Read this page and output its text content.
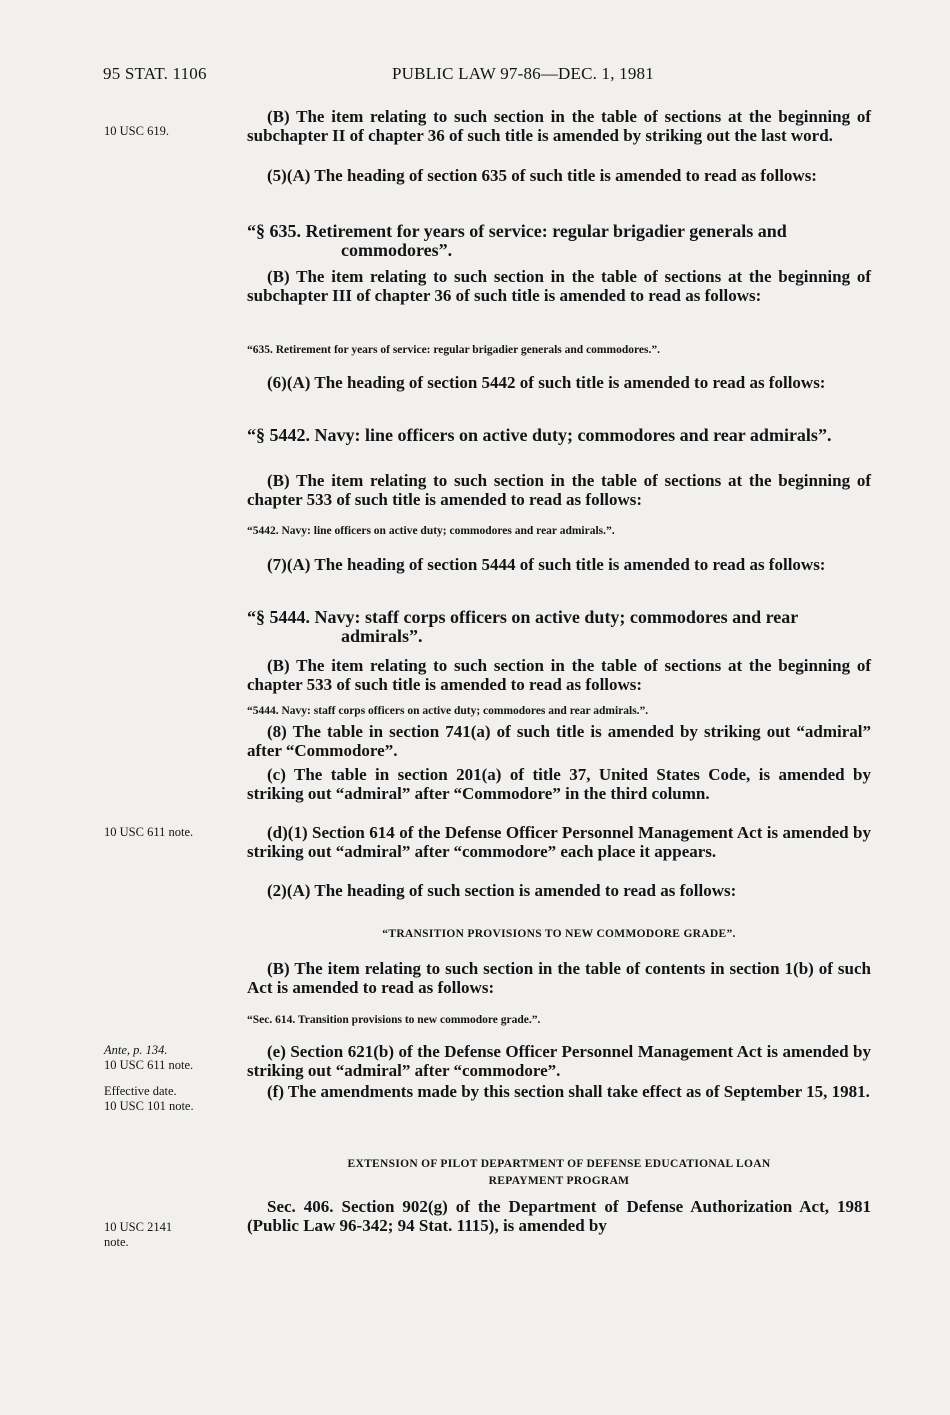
95 STAT. 1106	PUBLIC LAW 97-86—DEC. 1, 1981
10 USC 619.
10 USC 611 note.
Ante, p. 134.
10 USC 611 note.
Effective date.
10 USC 101 note.
10 USC 2141
note.
(B) The item relating to such section in the table of sections at the beginning of subchapter II of chapter 36 of such title is amended by striking out the last word.
(5)(A) The heading of section 635 of such title is amended to read as follows:
“§ 635. Retirement for years of service: regular brigadier generals and commodores”.
(B) The item relating to such section in the table of sections at the beginning of subchapter III of chapter 36 of such title is amended to read as follows:
“635. Retirement for years of service: regular brigadier generals and commodores.”.
(6)(A) The heading of section 5442 of such title is amended to read as follows:
“§ 5442. Navy: line officers on active duty; commodores and rear admirals”.
(B) The item relating to such section in the table of sections at the beginning of chapter 533 of such title is amended to read as follows:
“5442. Navy: line officers on active duty; commodores and rear admirals.”.
(7)(A) The heading of section 5444 of such title is amended to read as follows:
“§ 5444. Navy: staff corps officers on active duty; commodores and rear admirals”.
(B) The item relating to such section in the table of sections at the beginning of chapter 533 of such title is amended to read as follows:
“5444. Navy: staff corps officers on active duty; commodores and rear admirals.”.
(8) The table in section 741(a) of such title is amended by striking out “admiral” after “Commodore”.
(c) The table in section 201(a) of title 37, United States Code, is amended by striking out “admiral” after “Commodore” in the third column.
(d)(1) Section 614 of the Defense Officer Personnel Management Act is amended by striking out “admiral” after “commodore” each place it appears.
(2)(A) The heading of such section is amended to read as follows:
“TRANSITION PROVISIONS TO NEW COMMODORE GRADE”.
(B) The item relating to such section in the table of contents in section 1(b) of such Act is amended to read as follows:
“Sec. 614. Transition provisions to new commodore grade.”.
(e) Section 621(b) of the Defense Officer Personnel Management Act is amended by striking out “admiral” after “commodore”.
(f) The amendments made by this section shall take effect as of September 15, 1981.
EXTENSION OF PILOT DEPARTMENT OF DEFENSE EDUCATIONAL LOAN
REPAYMENT PROGRAM
Sec. 406. Section 902(g) of the Department of Defense Authorization Act, 1981 (Public Law 96-342; 94 Stat. 1115), is amended by
